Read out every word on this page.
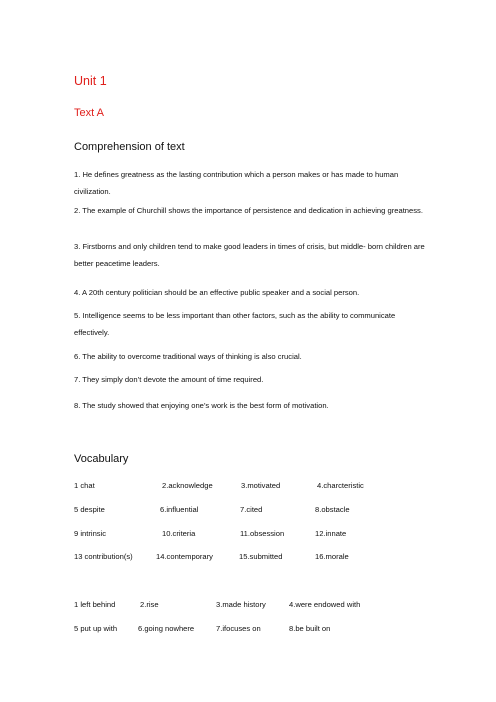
Unit 1
Text A
Comprehension of text

1. He defines greatness as the lasting contribution which a person makes or has made to human civilization.

2. The example of Churchill shows the importance of persistence and dedication in achieving greatness.

3. Firstborns and only children tend to make good leaders in times of crisis, but middle- born children are better peacetime leaders.

4. A 20th century politician should be an effective public speaker and a social person.

5. Intelligence seems to be less important than other factors, such as the ability to communicate effectively.

6. The ability to overcome traditional ways of thinking is also crucial.

7. They simply don’t devote the amount of time required.

8. The study showed that enjoying one’s work is the best form of motivation.

Vocabulary
1 chat	2.acknowledge	3.motivated	4.charcteristic
5 despite	6.influential	7.cited	8.obstacle
9 intrinsic	10.criteria	11.obsession	12.innate
13 contribution(s)	14.contemporary	15.submitted	16.morale
1 left behind	2.rise	3.made history	4.were endowed with
5 put up with	6.going nowhere	7.ifocuses on	8.be built on
